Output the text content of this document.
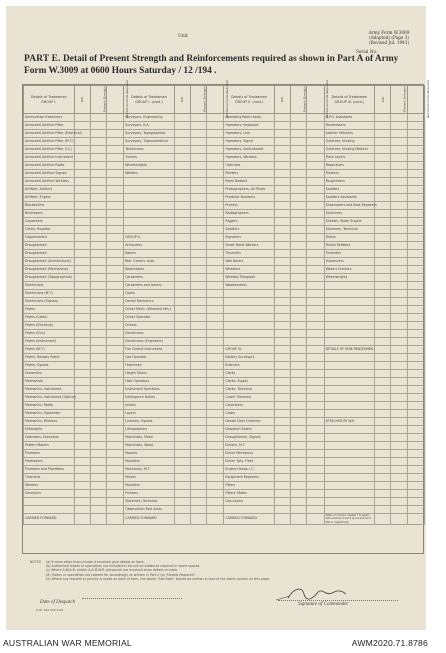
Unit
Army Form W.3009
(Adapted) (Page 3)
(Revised Jul. 1941)
Serial No.
PART E. Detail of Present Strength and Reinforcements required as shown in Part A of Army Form W.3009 at 0600 Hours Saturday / 12 /194 .
Details of Tradesmen GROUP I.	W.E.	Present Strength	Reinforcements Required	Details of Tradesmen GROUP I. (cont.)	W.E.	Present Strength	Reinforcements Required	Details of Tradesmen GROUP II. (cont.)	W.E.	Present Strength	Reinforcements Required	Details of Tradesmen GROUP III. (cont.)	W.E.	Present Strength	Reinforcements Required
Ammunition Examiners				Surveyors, Engineering				Operating Room Assts.				G.P.O. Assistants			
Armoured Artificer Fitter				Surveyors, R.A.				Operators, Keyboard				Hairdressers			
Armoured Artificer Fitter (Electrical)				Surveyors, Topographical				Operators, Line				Leather Stitchers			
Armoured Artificer Fitter (M.T.)				Surveyors, Trigonometrical				Operators, Signal				Orderlies, Nursing			
Armoured Artificer Fitter (I.C.)				Technicians				Operators, Switchboard				Orderlies, Nursing Medical			
Armoured Artificer Instrument				Turners				Operators, Wireless				Plate Layers			
Armoured Artificer Radio				Wheelwrights				Opticians				Respirators			
Armoured Artificer Signals				Welders				Painters				Riveters			
Armoured Artificer Wireless								Panel Beaters				Roughriders			
Artificer, Artillery								Photographers, Air Photo				Saddlers			
Artificer, Engine								Predictor Numbers				Saddlers Assistants			
Blacksmiths								Printers				Shoemakers and Boot Repairers			
Bricklayers								Radiographers				Stretchers			
Carpenters								Riggers				Sheeter, Slater Engine			
Clerks, Hospital								Saddlers				Storemen, Technical			
Coppersmiths				GROUP II.				Signallers				Tailors			
Draughtsmen				Armourers				Sheet Metal Workers				Textile Refitters			
Draughtsmen				Bakers				Tinsmiths				Tinsmiths			
Draughtsmen (Architectural)				Bldr. Const's. Asst.				Wall Borers				Vulcanizers			
Draughtsmen (Mechanical)				Bootmakers				Wheelers				Waxers Erectors			
Draughtsmen (Topographical)				Carpenters				Wireless Telegraph				Wheelwrights			
Electricians				Carpenters and Joiners				Woodworkers							
Electricians (M.T.)				Cooks											
Electricians (Signals)				Dental Mechanics											
Fitters				Driver Mech. (Wheeled Veh.)											
Fitters (Cable)				Driver Operator											
Fitters (Electrical)				Drivers											
Fitters (Gun)				Electricians											
Fitters (Instrument)				Electricians (Engineers)											
Fitters (M.T.)				Fire Control Instrument				GROUP III.				DETAILS OF NON-TRADESMEN			
Fitters, Railway Patrol				Gas Operator				Battery Surveyors							
Fitters, Signals				Hutchmen				Butchers							
Gunsmiths				Height Takers				Clerks							
Mechanists				Hole Operators				Clerks, Supply							
Mechanics, Instrument				Instrument Operators				Clerks, Technical							
Mechanics, Instrument (Optical)				Intelligence Duties				Coach Trimmers							
Mechanics, Radio				Joiners				Concreters							
Mechanics, Typewriter				Layers				Cooks							
Mechanics, Wireless				Linemen, Signals				Dental Clerk Orderlies				ATTACHED BY W.E.			
Millwrights				Lithographers				Despatch Riders							
Operators, Excavator				Machinists, Metal				Draughtsmen, Signals							
Pattern Makers				Machinists, Wood				Drivers, M.T.							
Plumbers				Masons				Driver Mechanics							
Platelayers				Moulders				Driver Tpts. Fleet							
Plumbers and Pipefitters				Mechanics, M.T.				Engine Hands, I.C.							
Tinsmiths				Miners				Equipment Repairers							
Welders				Moulders				Fitters							
Surveyors				Painters				Fitters' Mates							
				Storemen, Technical				Gas Layers							
				Observation Post Assts.											
CARRIED FORWARD				CARRIED FORWARD				CARRIED FORWARD				Totals of columns marked * to agree with columns 4 and 5 and 6 and 10 of Part A. respectively.			
NOTES (a) If more other than private is involved give details on back.
(b) Authorised trades or specialists not included in list will be added as required in spare spaces.
(c) Where A.W.A.B. and/or A.A.M.W.R. personnel are involved show details on back.
(d) Trades or specialists not catered for accordingly as written in Part C (a) "Details Required".
(e) Where any request or priority is made on back of form, the words "See Back" should be written in face of the blank column on this page.
Date of Despatch
A.W. 102 Mdl 1/42
Signature of Commander
AUSTRALIAN WAR MEMORIAL	AWM2020.71.8786
